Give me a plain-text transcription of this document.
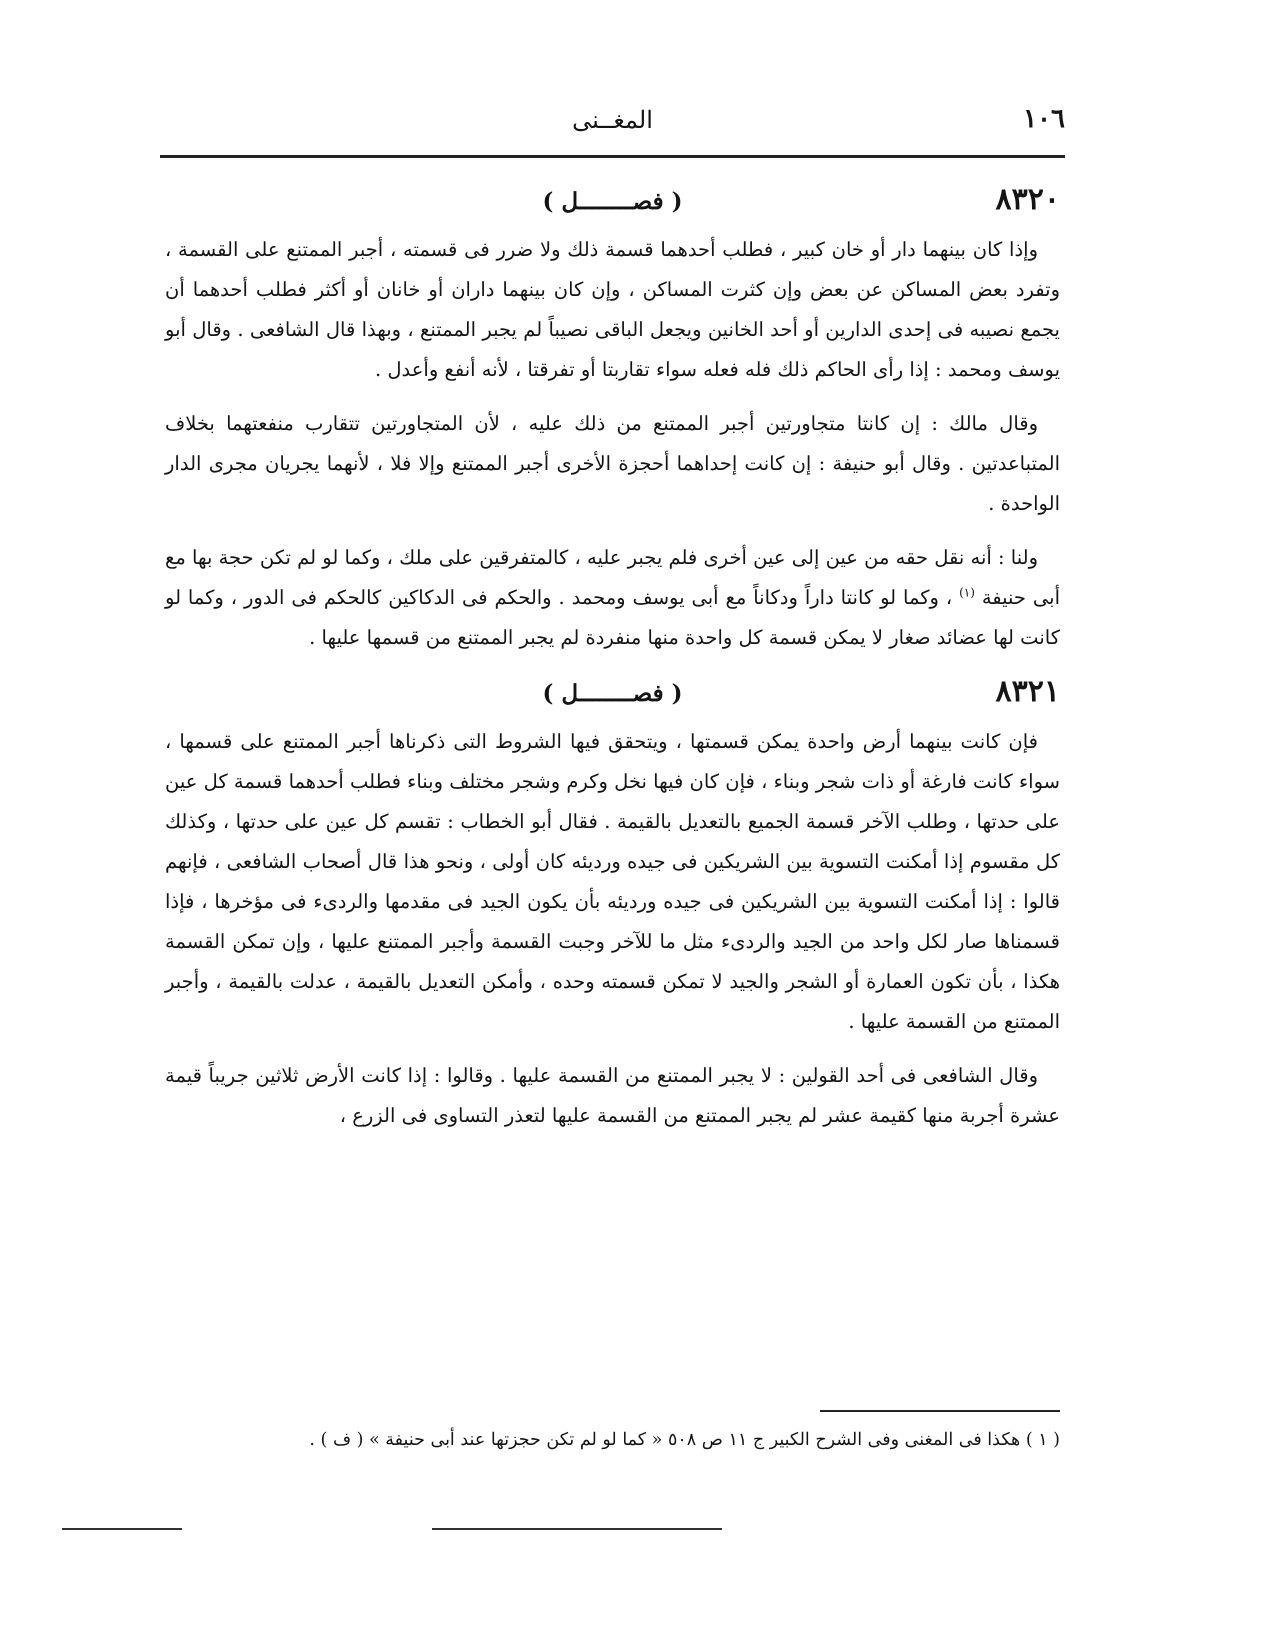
١٠٦
المغــنى
٨٣٢٠
( فصــــــــل )

وإذا كان بينهما دار أو خان كبير ، فطلب أحدهما قسمة ذلك ولا ضرر فى قسمته ، أجبر الممتنع على القسمة ، وتفرد بعض المساكن عن بعض وإن كثرت المساكن ، وإن كان بينهما داران أو خانان أو أكثر فطلب أحدهما أن يجمع نصيبه فى إحدى الدارين أو أحد الخانين ويجعل الباقى نصيباً لم يجبر الممتنع ، وبهذا قال الشافعى . وقال أبو يوسف ومحمد : إذا رأى الحاكم ذلك فله فعله سواء تقاربتا أو تفرقتا ، لأنه أنفع وأعدل .

وقال مالك : إن كانتا متجاورتين أجبر الممتنع من ذلك عليه ، لأن المتجاورتين تتقارب منفعتهما بخلاف المتباعدتين . وقال أبو حنيفة : إن كانت إحداهما أحجزة الأخرى أجبر الممتنع وإلا فلا ، لأنهما يجريان مجرى الدار الواحدة .

ولنا : أنه نقل حقه من عين إلى عين أخرى فلم يجبر عليه ، كالمتفرقين على ملك ، وكما لو لم تكن حجة بها مع أبى حنيفة $^{(١)}$ ، وكما لو كانتا داراً ودكاناً مع أبى يوسف ومحمد . والحكم فى الدكاكين كالحكم فى الدور ، وكما لو كانت لها عضائد صغار لا يمكن قسمة كل واحدة منها منفردة لم يجبر الممتنع من قسمها عليها .

٨٣٢١
( فصــــــــل )

فإن كانت بينهما أرض واحدة يمكن قسمتها ، ويتحقق فيها الشروط التى ذكرناها أجبر الممتنع على قسمها ، سواء كانت فارغة أو ذات شجر وبناء ، فإن كان فيها نخل وكرم وشجر مختلف وبناء فطلب أحدهما قسمة كل عين على حدتها ، وطلب الآخر قسمة الجميع بالتعديل بالقيمة . فقال أبو الخطاب : تقسم كل عين على حدتها ، وكذلك كل مقسوم إذا أمكنت التسوية بين الشريكين فى جيده ورديئه كان أولى ، ونحو هذا قال أصحاب الشافعى ، فإنهم قالوا : إذا أمكنت التسوية بين الشريكين فى جيده ورديئه بأن يكون الجيد فى مقدمها والردىء فى مؤخرها ، فإذا قسمناها صار لكل واحد من الجيد والردىء مثل ما للآخر وجبت القسمة وأجبر الممتنع عليها ، وإن تمكن القسمة هكذا ، بأن تكون العمارة أو الشجر والجيد لا تمكن قسمته وحده ، وأمكن التعديل بالقيمة ، عدلت بالقيمة ، وأجبر الممتنع من القسمة عليها .

وقال الشافعى فى أحد القولين : لا يجبر الممتنع من القسمة عليها . وقالوا : إذا كانت الأرض ثلاثين جريباً قيمة عشرة أجربة منها كقيمة عشر لم يجبر الممتنع من القسمة عليها لتعذر التساوى فى الزرع ،

( ١ ) هكذا فى المغنى وفى الشرح الكبير ج ١١ ص ٥٠٨ « كما لو لم تكن حجزتها عند أبى حنيفة » ( ف ) .
